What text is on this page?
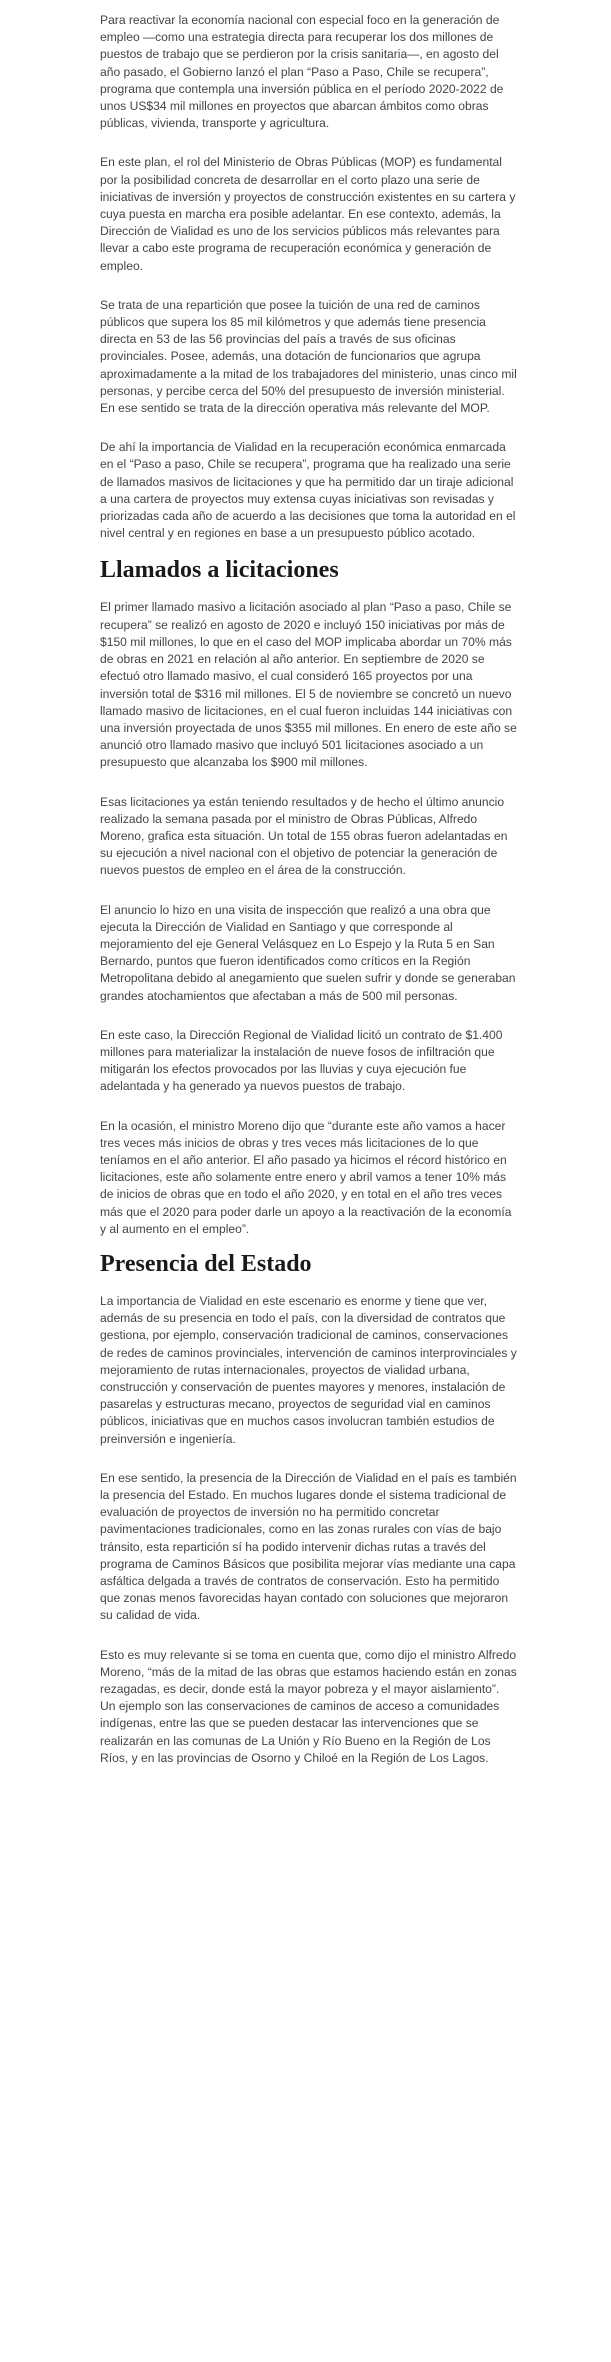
Para reactivar la economía nacional con especial foco en la generación de empleo —como una estrategia directa para recuperar los dos millones de puestos de trabajo que se perdieron por la crisis sanitaria—, en agosto del año pasado, el Gobierno lanzó el plan “Paso a Paso, Chile se recupera”, programa que contempla una inversión pública en el período 2020-2022 de unos US$34 mil millones en proyectos que abarcan ámbitos como obras públicas, vivienda, transporte y agricultura.

En este plan, el rol del Ministerio de Obras Públicas (MOP) es fundamental por la posibilidad concreta de desarrollar en el corto plazo una serie de iniciativas de inversión y proyectos de construcción existentes en su cartera y cuya puesta en marcha era posible adelantar. En ese contexto, además, la Dirección de Vialidad es uno de los servicios públicos más relevantes para llevar a cabo este programa de recuperación económica y generación de empleo.

Se trata de una repartición que posee la tuición de una red de caminos públicos que supera los 85 mil kilómetros y que además tiene presencia directa en 53 de las 56 provincias del país a través de sus oficinas provinciales. Posee, además, una dotación de funcionarios que agrupa aproximadamente a la mitad de los trabajadores del ministerio, unas cinco mil personas, y percibe cerca del 50% del presupuesto de inversión ministerial. En ese sentido se trata de la dirección operativa más relevante del MOP.

De ahí la importancia de Vialidad en la recuperación económica enmarcada en el “Paso a paso, Chile se recupera”, programa que ha realizado una serie de llamados masivos de licitaciones y que ha permitido dar un tiraje adicional a una cartera de proyectos muy extensa cuyas iniciativas son revisadas y priorizadas cada año de acuerdo a las decisiones que toma la autoridad en el nivel central y en regiones en base a un presupuesto público acotado.

Llamados a licitaciones

El primer llamado masivo a licitación asociado al plan “Paso a paso, Chile se recupera” se realizó en agosto de 2020 e incluyó 150 iniciativas por más de $150 mil millones, lo que en el caso del MOP implicaba abordar un 70% más de obras en 2021 en relación al año anterior. En septiembre de 2020 se efectuó otro llamado masivo, el cual consideró 165 proyectos por una inversión total de $316 mil millones. El 5 de noviembre se concretó un nuevo llamado masivo de licitaciones, en el cual fueron incluidas 144 iniciativas con una inversión proyectada de unos $355 mil millones. En enero de este año se anunció otro llamado masivo que incluyó 501 licitaciones asociado a un presupuesto que alcanzaba los $900 mil millones.

Esas licitaciones ya están teniendo resultados y de hecho el último anuncio realizado la semana pasada por el ministro de Obras Públicas, Alfredo Moreno, grafica esta situación. Un total de 155 obras fueron adelantadas en su ejecución a nivel nacional con el objetivo de potenciar la generación de nuevos puestos de empleo en el área de la construcción.

El anuncio lo hizo en una visita de inspección que realizó a una obra que ejecuta la Dirección de Vialidad en Santiago y que corresponde al mejoramiento del eje General Velásquez en Lo Espejo y la Ruta 5 en San Bernardo, puntos que fueron identificados como críticos en la Región Metropolitana debido al anegamiento que suelen sufrir y donde se generaban grandes atochamientos que afectaban a más de 500 mil personas.

En este caso, la Dirección Regional de Vialidad licitó un contrato de $1.400 millones para materializar la instalación de nueve fosos de infiltración que mitigarán los efectos provocados por las lluvias y cuya ejecución fue adelantada y ha generado ya nuevos puestos de trabajo.

En la ocasión, el ministro Moreno dijo que “durante este año vamos a hacer tres veces más inicios de obras y tres veces más licitaciones de lo que teníamos en el año anterior. El año pasado ya hicimos el récord histórico en licitaciones, este año solamente entre enero y abril vamos a tener 10% más de inicios de obras que en todo el año 2020, y en total en el año tres veces más que el 2020 para poder darle un apoyo a la reactivación de la economía y al aumento en el empleo”.

Presencia del Estado

La importancia de Vialidad en este escenario es enorme y tiene que ver, además de su presencia en todo el país, con la diversidad de contratos que gestiona, por ejemplo, conservación tradicional de caminos, conservaciones de redes de caminos provinciales, intervención de caminos interprovinciales y mejoramiento de rutas internacionales, proyectos de vialidad urbana, construcción y conservación de puentes mayores y menores, instalación de pasarelas y estructuras mecano, proyectos de seguridad vial en caminos públicos, iniciativas que en muchos casos involucran también estudios de preinversión e ingeniería.

En ese sentido, la presencia de la Dirección de Vialidad en el país es también la presencia del Estado. En muchos lugares donde el sistema tradicional de evaluación de proyectos de inversión no ha permitido concretar pavimentaciones tradicionales, como en las zonas rurales con vías de bajo tránsito, esta repartición sí ha podido intervenir dichas rutas a través del programa de Caminos Básicos que posibilita mejorar vías mediante una capa asfáltica delgada a través de contratos de conservación. Esto ha permitido que zonas menos favorecidas hayan contado con soluciones que mejoraron su calidad de vida.

Esto es muy relevante si se toma en cuenta que, como dijo el ministro Alfredo Moreno, “más de la mitad de las obras que estamos haciendo están en zonas rezagadas, es decir, donde está la mayor pobreza y el mayor aislamiento”. Un ejemplo son las conservaciones de caminos de acceso a comunidades indígenas, entre las que se pueden destacar las intervenciones que se realizarán en las comunas de La Unión y Río Bueno en la Región de Los Ríos, y en las provincias de Osorno y Chiloé en la Región de Los Lagos.
